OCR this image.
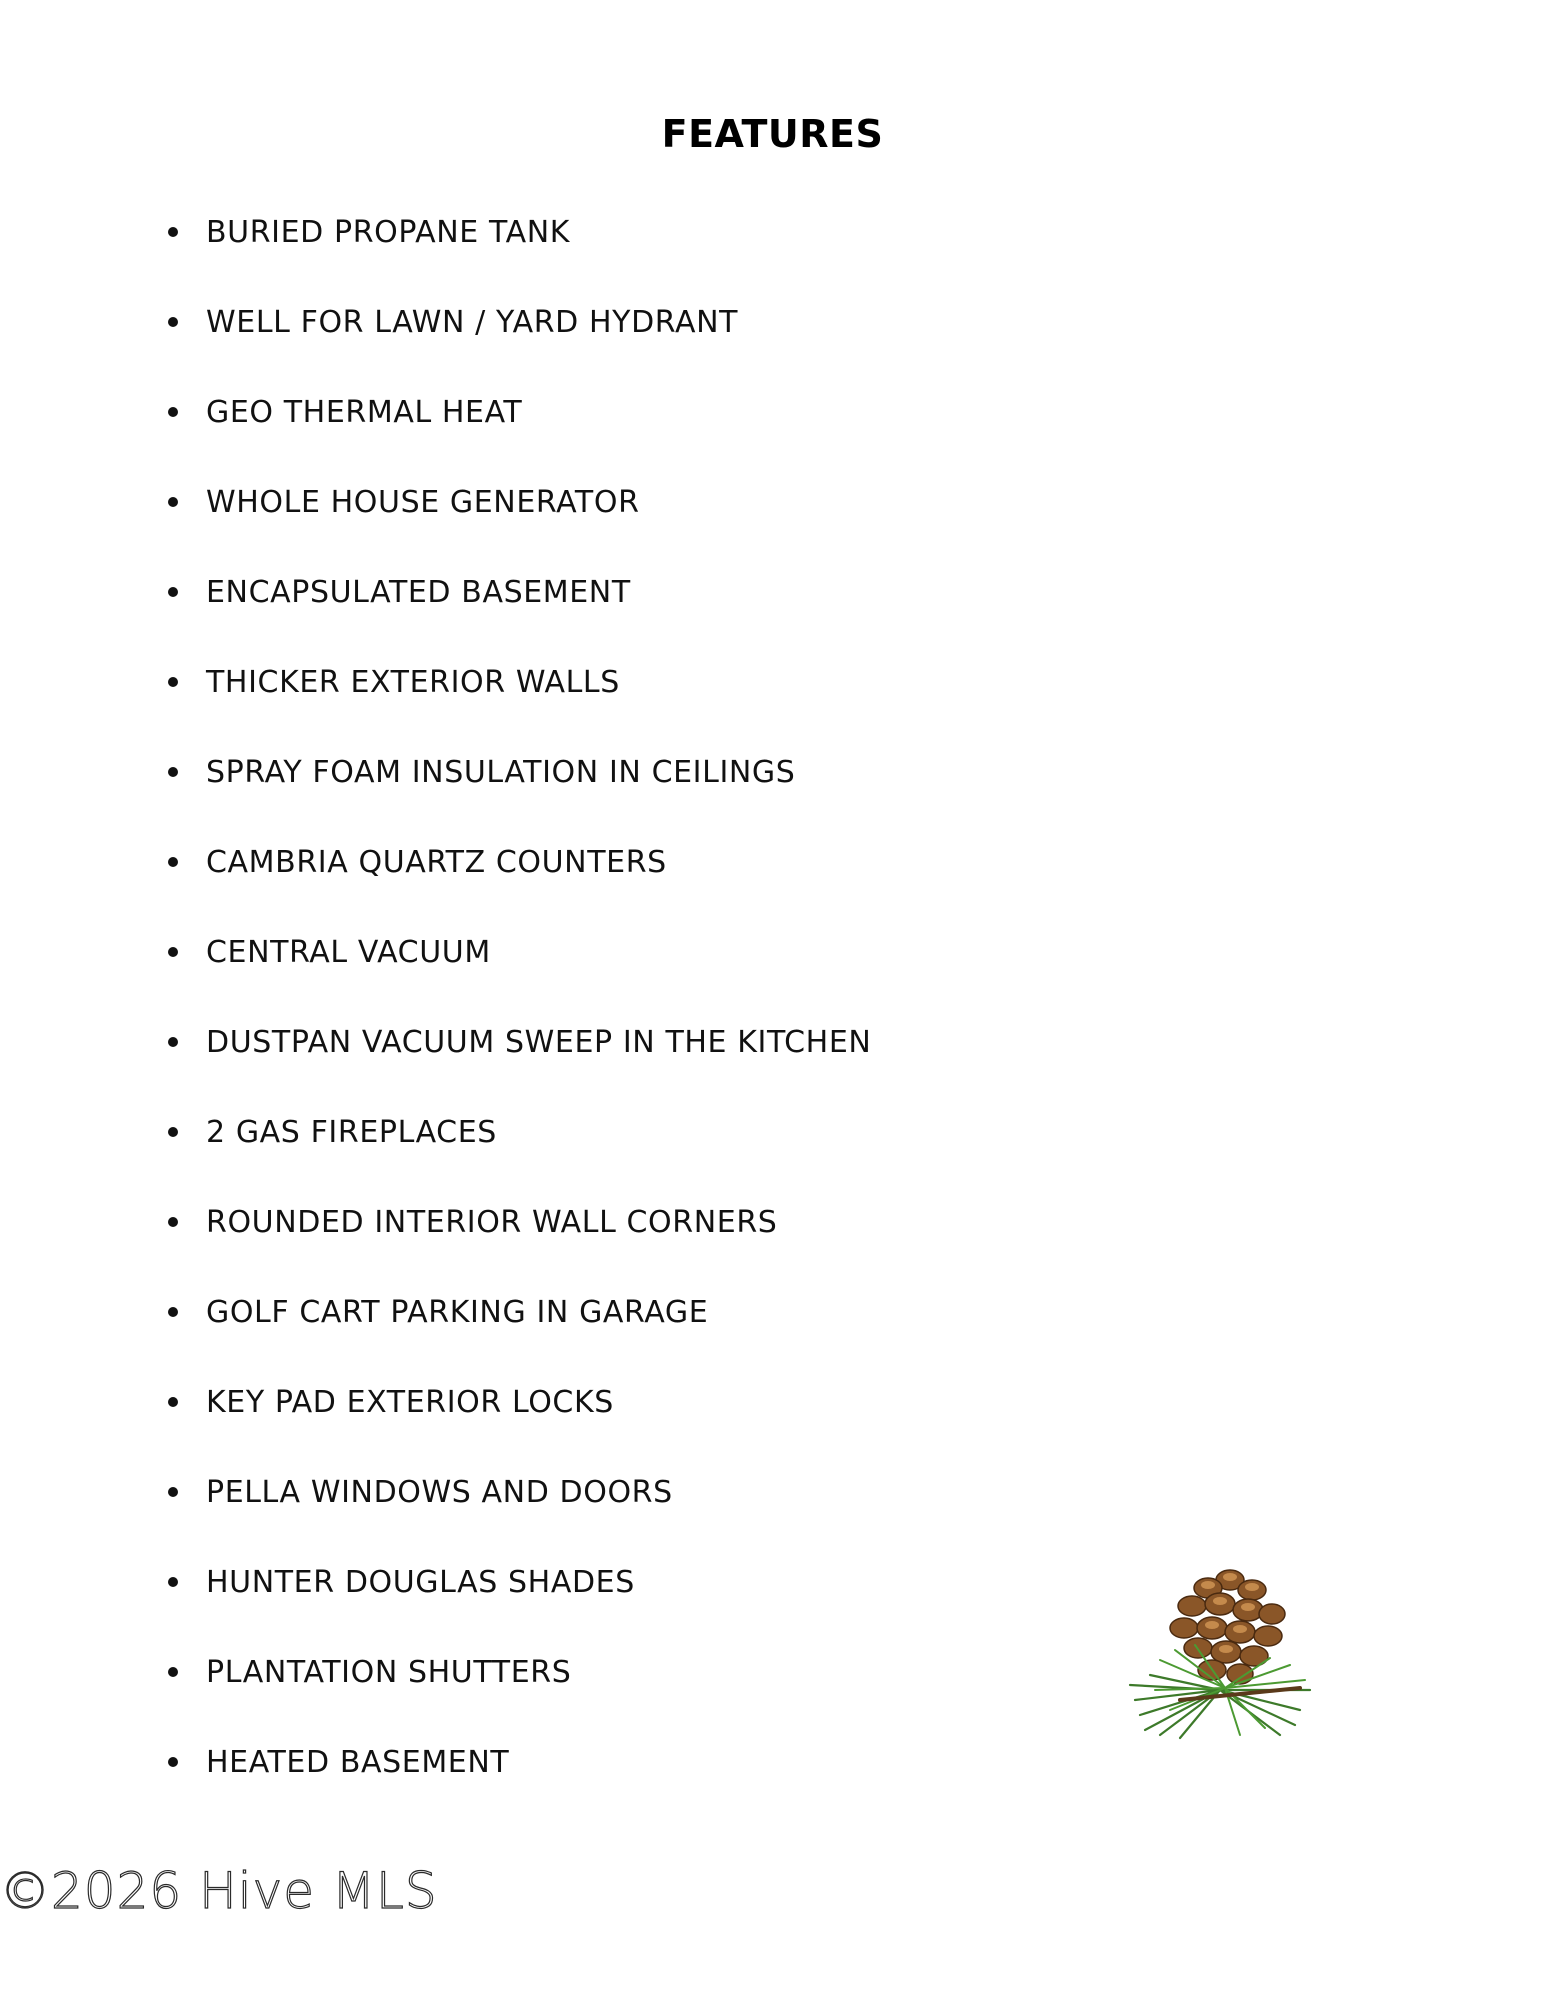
FEATURES
BURIED PROPANE TANK
WELL FOR LAWN / YARD HYDRANT
GEO THERMAL HEAT
WHOLE HOUSE GENERATOR
ENCAPSULATED BASEMENT
THICKER EXTERIOR WALLS
SPRAY FOAM INSULATION IN CEILINGS
CAMBRIA QUARTZ COUNTERS
CENTRAL VACUUM
DUSTPAN VACUUM SWEEP IN THE KITCHEN
2 GAS FIREPLACES
ROUNDED INTERIOR WALL CORNERS
GOLF CART PARKING IN GARAGE
KEY PAD EXTERIOR LOCKS
PELLA WINDOWS AND DOORS
HUNTER DOUGLAS SHADES
PLANTATION SHUTTERS
HEATED BASEMENT
©2026 Hive MLS
